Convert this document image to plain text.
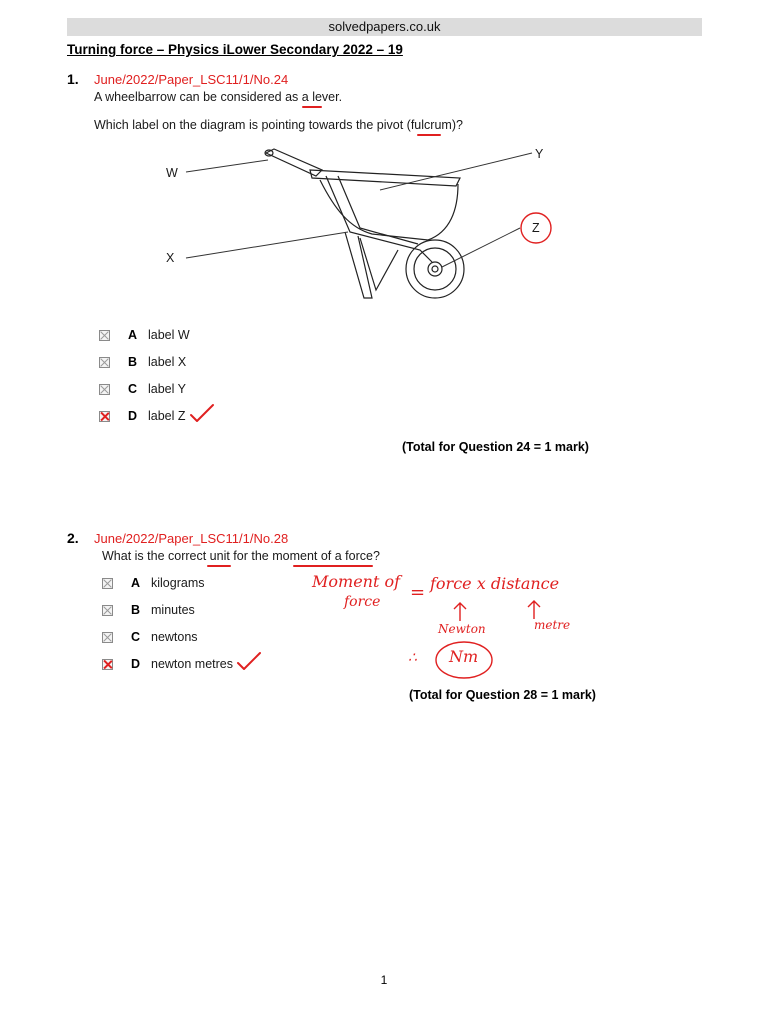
solvedpapers.co.uk
Turning force – Physics iLower Secondary 2022 – 19
1. June/2022/Paper_LSC11/1/No.24
A wheelbarrow can be considered as a lever.
Which label on the diagram is pointing towards the pivot (fulcrum)?
W
X
Y
Z
A label W
B label X
C label Y
D label Z
(Total for Question 24 = 1 mark)
2. June/2022/Paper_LSC11/1/No.28
What is the correct unit for the moment of a force?
A kilograms
B minutes
C newtons
D newton metres
(Total for Question 28 = 1 mark)
Moment of
force = force x distance
Newton	metre
∴ Nm
1
